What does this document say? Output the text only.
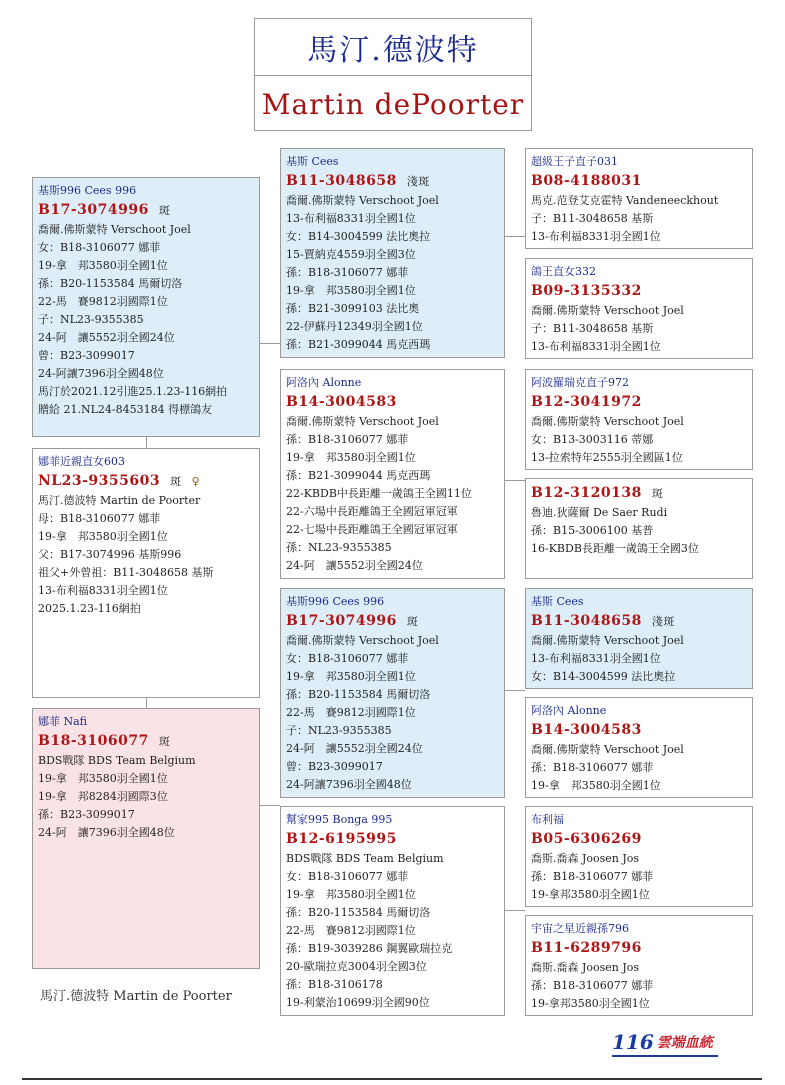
馬汀.德波特
Martin dePoorter
基斯996 Cees 996
B17-3074996 斑
喬爾.佛斯蒙特 Verschoot Joel
女：B18-3106077 娜菲
19-拿　邦3580羽全國1位
孫：B20-1153584 馬爾切洛
22-馬　賽9812羽國際1位
子：NL23-9355385
24-阿　讓5552羽全國24位
曾：B23-3099017
24-阿讓7396羽全國48位
馬汀於2021.12引進25.1.23-116網拍
贈給 21.NL24-8453184 得標鴿友
娜菲近親直女603
NL23-9355603 斑 ♀
馬汀.德波特 Martin de Poorter
母：B18-3106077 娜菲
19-拿　邦3580羽全國1位
父：B17-3074996 基斯996
祖父+外曾祖：B11-3048658 基斯
13-布利福8331羽全國1位
2025.1.23-116網拍
娜菲 Nafi
B18-3106077 斑
BDS戰隊 BDS Team Belgium
19-拿　邦3580羽全國1位
19-拿　邦8284羽國際3位
孫：B23-3099017
24-阿　讓7396羽全國48位
基斯 Cees
B11-3048658 淺斑
喬爾.佛斯蒙特 Verschoot Joel
13-布利福8331羽全國1位
女：B14-3004599 法比奧拉
15-賈納克4559羽全國3位
孫：B18-3106077 娜菲
19-拿　邦3580羽全國1位
孫：B21-3099103 法比奧
22-伊蘇丹12349羽全國1位
孫：B21-3099044 馬克西瑪
阿洛內 Alonne
B14-3004583
喬爾.佛斯蒙特 Verschoot Joel
孫：B18-3106077 娜菲
19-拿　邦3580羽全國1位
孫：B21-3099044 馬克西瑪
22-KBDB中長距離一歲鴿王全國11位
22-六場中長距離鴿王全國冠軍冠軍
22-七場中長距離鴿王全國冠軍冠軍
孫：NL23-9355385
24-阿　讓5552羽全國24位
基斯996 Cees 996
B17-3074996 斑
喬爾.佛斯蒙特 Verschoot Joel
女：B18-3106077 娜菲
19-拿　邦3580羽全國1位
孫：B20-1153584 馬爾切洛
22-馬　賽9812羽國際1位
子：NL23-9355385
24-阿　讓5552羽全國24位
曾：B23-3099017
24-阿讓7396羽全國48位
幫家995 Bonga 995
B12-6195995
BDS戰隊 BDS Team Belgium
女：B18-3106077 娜菲
19-拿　邦3580羽全國1位
孫：B20-1153584 馬爾切洛
22-馬　賽9812羽國際1位
孫：B19-3039286 鋼翼歐瑞拉克
20-歐瑞拉克3004羽全國3位
孫：B18-3106178
19-利蒙治10699羽全國90位
超級王子直子031
B08-4188031
馬克.范登艾克霍特 Vandeneeckhout
子：B11-3048658 基斯
13-布利福8331羽全國1位
鴿王直女332
B09-3135332
喬爾.佛斯蒙特 Verschoot Joel
子：B11-3048658 基斯
13-布利福8331羽全國1位
阿波羅瑞克直子972
B12-3041972
喬爾.佛斯蒙特 Verschoot Joel
女：B13-3003116 蒂娜
13-拉索特年2555羽全國區1位
B12-3120138 斑
魯迪.狄薩爾 De Saer Rudi
孫：B15-3006100 基普
16-KBDB長距離一歲鴿王全國3位
基斯 Cees
B11-3048658 淺斑
喬爾.佛斯蒙特 Verschoot Joel
13-布利福8331羽全國1位
女：B14-3004599 法比奧拉
阿洛內 Alonne
B14-3004583
喬爾.佛斯蒙特 Verschoot Joel
孫：B18-3106077 娜菲
19-拿　邦3580羽全國1位
布利福
B05-6306269
喬斯.喬森 Joosen Jos
孫：B18-3106077 娜菲
19-拿邦3580羽全國1位
宇宙之星近親孫796
B11-6289796
喬斯.喬森 Joosen Jos
孫：B18-3106077 娜菲
19-拿邦3580羽全國1位
馬汀.德波特 Martin de Poorter
116 雲端血統
